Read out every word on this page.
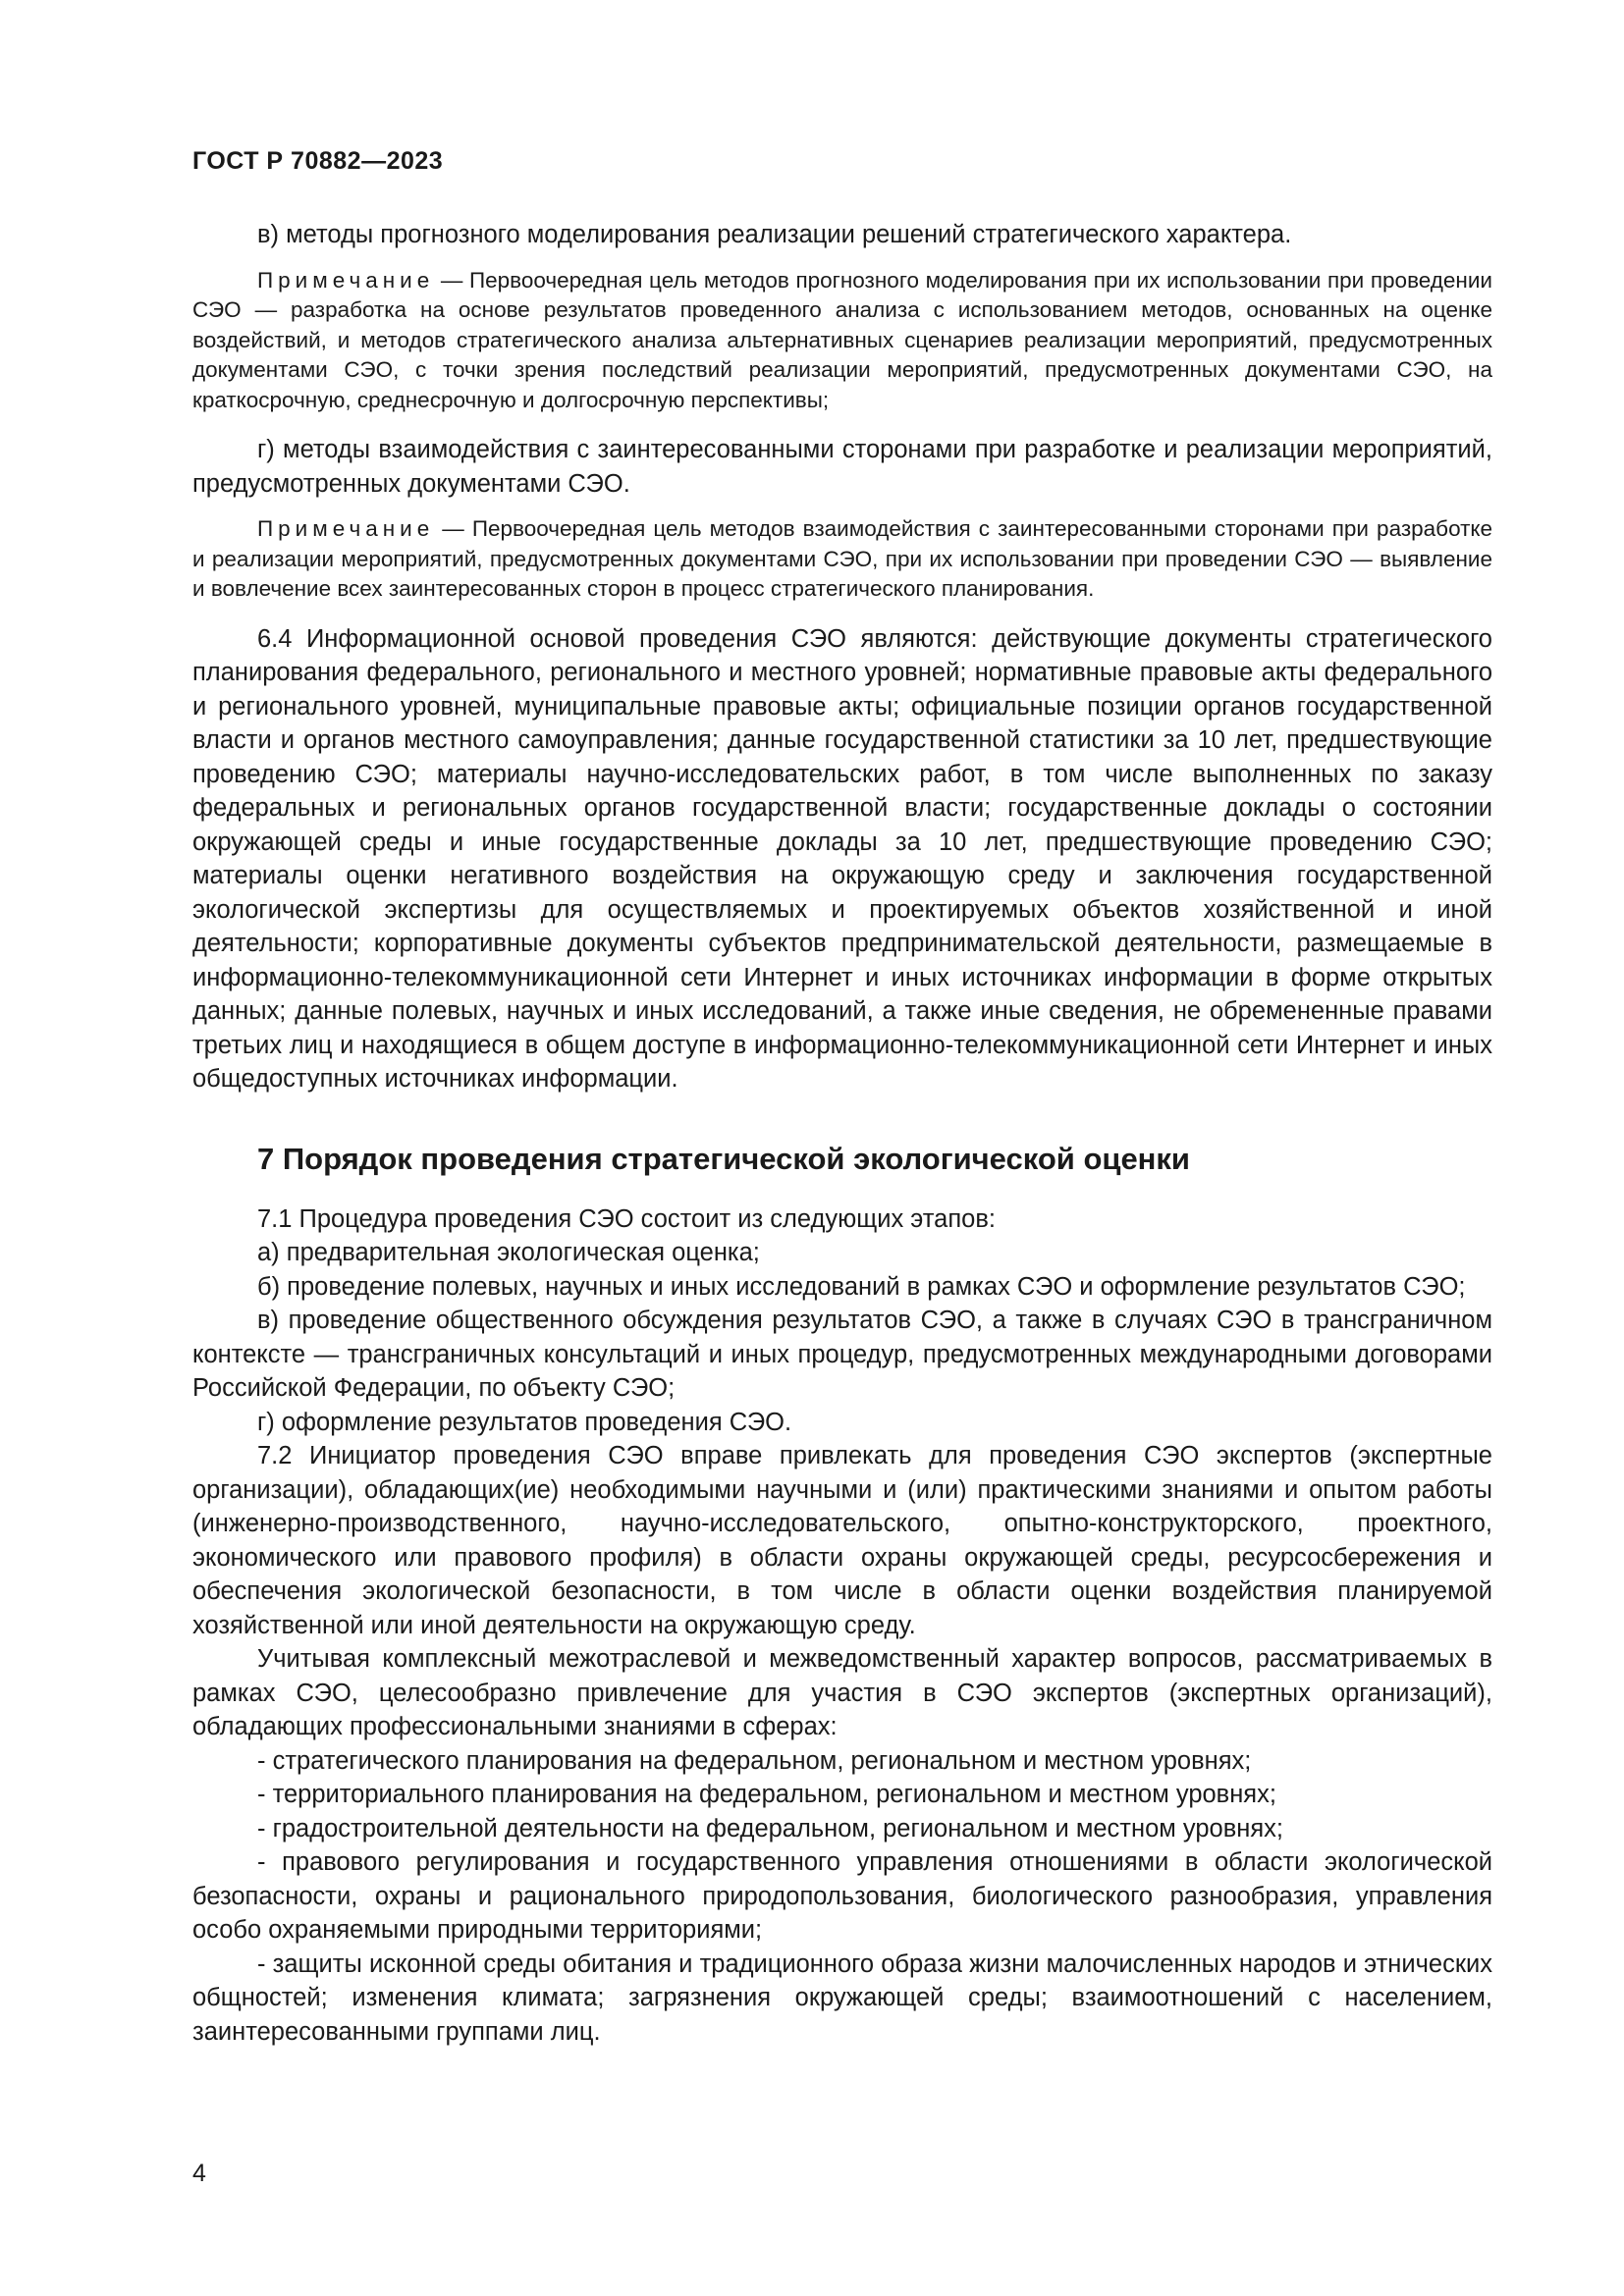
ГОСТ Р 70882—2023

в) методы прогнозного моделирования реализации решений стратегического характера.

Примечание — Первоочередная цель методов прогнозного моделирования при их использовании при проведении СЭО — разработка на основе результатов проведенного анализа с использованием методов, основанных на оценке воздействий, и методов стратегического анализа альтернативных сценариев реализации мероприятий, предусмотренных документами СЭО, с точки зрения последствий реализации мероприятий, предусмотренных документами СЭО, на краткосрочную, среднесрочную и долгосрочную перспективы;

г) методы взаимодействия с заинтересованными сторонами при разработке и реализации мероприятий, предусмотренных документами СЭО.

Примечание — Первоочередная цель методов взаимодействия с заинтересованными сторонами при разработке и реализации мероприятий, предусмотренных документами СЭО, при их использовании при проведении СЭО — выявление и вовлечение всех заинтересованных сторон в процесс стратегического планирования.

6.4 Информационной основой проведения СЭО являются: действующие документы стратегического планирования федерального, регионального и местного уровней; нормативные правовые акты федерального и регионального уровней, муниципальные правовые акты; официальные позиции органов государственной власти и органов местного самоуправления; данные государственной статистики за 10 лет, предшествующие проведению СЭО; материалы научно-исследовательских работ, в том числе выполненных по заказу федеральных и региональных органов государственной власти; государственные доклады о состоянии окружающей среды и иные государственные доклады за 10 лет, предшествующие проведению СЭО; материалы оценки негативного воздействия на окружающую среду и заключения государственной экологической экспертизы для осуществляемых и проектируемых объектов хозяйственной и иной деятельности; корпоративные документы субъектов предпринимательской деятельности, размещаемые в информационно-телекоммуникационной сети Интернет и иных источниках информации в форме открытых данных; данные полевых, научных и иных исследований, а также иные сведения, не обремененные правами третьих лиц и находящиеся в общем доступе в информационно-телекоммуникационной сети Интернет и иных общедоступных источниках информации.

7 Порядок проведения стратегической экологической оценки

7.1 Процедура проведения СЭО состоит из следующих этапов:

а) предварительная экологическая оценка;

б) проведение полевых, научных и иных исследований в рамках СЭО и оформление результатов СЭО;

в) проведение общественного обсуждения результатов СЭО, а также в случаях СЭО в трансграничном контексте — трансграничных консультаций и иных процедур, предусмотренных международными договорами Российской Федерации, по объекту СЭО;

г) оформление результатов проведения СЭО.

7.2 Инициатор проведения СЭО вправе привлекать для проведения СЭО экспертов (экспертные организации), обладающих(ие) необходимыми научными и (или) практическими знаниями и опытом работы (инженерно-производственного, научно-исследовательского, опытно-конструкторского, проектного, экономического или правового профиля) в области охраны окружающей среды, ресурсосбережения и обеспечения экологической безопасности, в том числе в области оценки воздействия планируемой хозяйственной или иной деятельности на окружающую среду.

Учитывая комплексный межотраслевой и межведомственный характер вопросов, рассматриваемых в рамках СЭО, целесообразно привлечение для участия в СЭО экспертов (экспертных организаций), обладающих профессиональными знаниями в сферах:

- стратегического планирования на федеральном, региональном и местном уровнях;

- территориального планирования на федеральном, региональном и местном уровнях;

- градостроительной деятельности на федеральном, региональном и местном уровнях;

- правового регулирования и государственного управления отношениями в области экологической безопасности, охраны и рационального природопользования, биологического разнообразия, управления особо охраняемыми природными территориями;

- защиты исконной среды обитания и традиционного образа жизни малочисленных народов и этнических общностей; изменения климата; загрязнения окружающей среды; взаимоотношений с населением, заинтересованными группами лиц.

4
